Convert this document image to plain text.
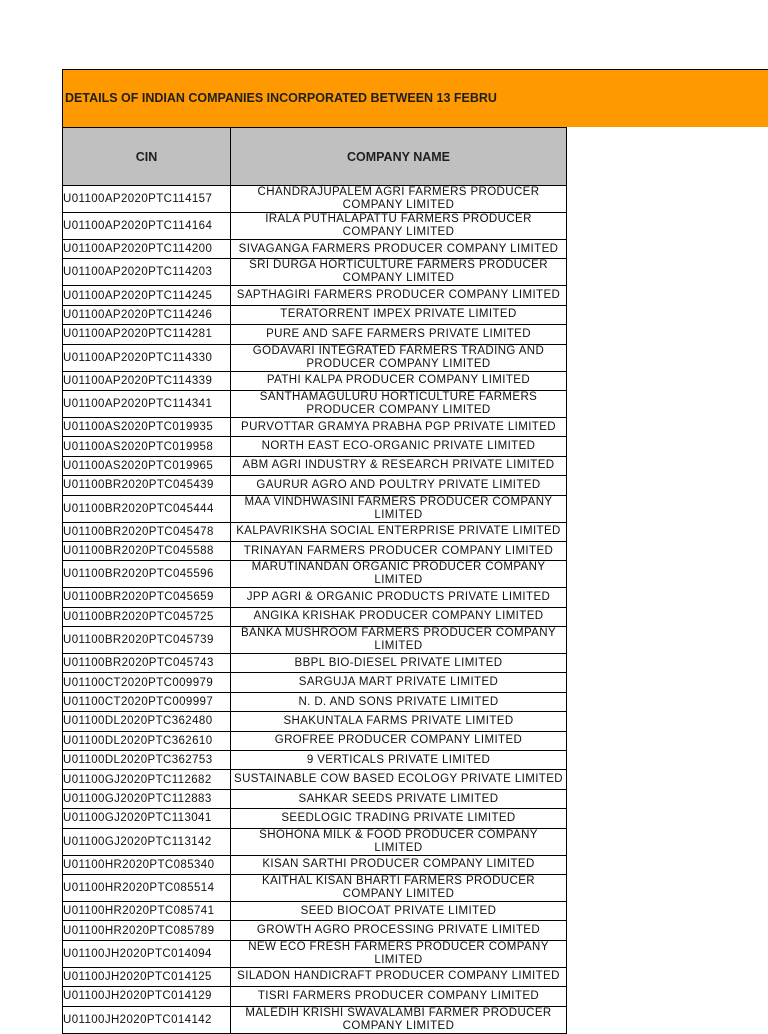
DETAILS OF INDIAN COMPANIES INCORPORATED BETWEEN 13 FEBRU
CIN	COMPANY NAME
U01100AP2020PTC114157	CHANDRAJUPALEM AGRI FARMERS PRODUCER COMPANY LIMITED

U01100AP2020PTC114164	IRALA PUTHALAPATTU FARMERS PRODUCER COMPANY LIMITED

U01100AP2020PTC114200	SIVAGANGA FARMERS PRODUCER COMPANY LIMITED

U01100AP2020PTC114203	SRI DURGA HORTICULTURE FARMERS PRODUCER COMPANY LIMITED

U01100AP2020PTC114245	SAPTHAGIRI FARMERS PRODUCER COMPANY LIMITED

U01100AP2020PTC114246	TERATORRENT IMPEX PRIVATE LIMITED

U01100AP2020PTC114281	PURE AND SAFE FARMERS PRIVATE LIMITED

U01100AP2020PTC114330	GODAVARI INTEGRATED FARMERS TRADING AND PRODUCER COMPANY LIMITED

U01100AP2020PTC114339	PATHI KALPA PRODUCER COMPANY LIMITED

U01100AP2020PTC114341	SANTHAMAGULURU HORTICULTURE FARMERS PRODUCER COMPANY LIMITED

U01100AS2020PTC019935	PURVOTTAR GRAMYA PRABHA PGP PRIVATE LIMITED

U01100AS2020PTC019958	NORTH EAST ECO-ORGANIC PRIVATE LIMITED

U01100AS2020PTC019965	ABM AGRI INDUSTRY & RESEARCH PRIVATE LIMITED

U01100BR2020PTC045439	GAURUR AGRO AND POULTRY PRIVATE LIMITED

U01100BR2020PTC045444	MAA VINDHWASINI FARMERS PRODUCER COMPANY LIMITED

U01100BR2020PTC045478	KALPAVRIKSHA SOCIAL ENTERPRISE PRIVATE LIMITED

U01100BR2020PTC045588	TRINAYAN FARMERS PRODUCER COMPANY LIMITED

U01100BR2020PTC045596	MARUTINANDAN ORGANIC PRODUCER COMPANY LIMITED

U01100BR2020PTC045659	JPP AGRI & ORGANIC PRODUCTS PRIVATE LIMITED

U01100BR2020PTC045725	ANGIKA KRISHAK PRODUCER COMPANY LIMITED

U01100BR2020PTC045739	BANKA MUSHROOM FARMERS PRODUCER COMPANY LIMITED

U01100BR2020PTC045743	BBPL BIO-DIESEL PRIVATE LIMITED

U01100CT2020PTC009979	SARGUJA MART PRIVATE LIMITED

U01100CT2020PTC009997	N. D. AND SONS PRIVATE LIMITED

U01100DL2020PTC362480	SHAKUNTALA FARMS PRIVATE LIMITED

U01100DL2020PTC362610	GROFREE PRODUCER COMPANY LIMITED

U01100DL2020PTC362753	9 VERTICALS PRIVATE LIMITED

U01100GJ2020PTC112682	SUSTAINABLE COW BASED ECOLOGY PRIVATE LIMITED

U01100GJ2020PTC112883	SAHKAR SEEDS PRIVATE LIMITED

U01100GJ2020PTC113041	SEEDLOGIC TRADING PRIVATE LIMITED

U01100GJ2020PTC113142	SHOHONA MILK & FOOD PRODUCER COMPANY LIMITED

U01100HR2020PTC085340	KISAN SARTHI PRODUCER COMPANY LIMITED

U01100HR2020PTC085514	KAITHAL KISAN BHARTI FARMERS PRODUCER COMPANY LIMITED

U01100HR2020PTC085741	SEED BIOCOAT PRIVATE LIMITED

U01100HR2020PTC085789	GROWTH AGRO PROCESSING PRIVATE LIMITED

U01100JH2020PTC014094	NEW ECO FRESH FARMERS PRODUCER COMPANY LIMITED

U01100JH2020PTC014125	SILADON HANDICRAFT PRODUCER COMPANY LIMITED

U01100JH2020PTC014129	TISRI FARMERS PRODUCER COMPANY LIMITED

U01100JH2020PTC014142	MALEDIH KRISHI SWAVALAMBI FARMER PRODUCER COMPANY LIMITED
